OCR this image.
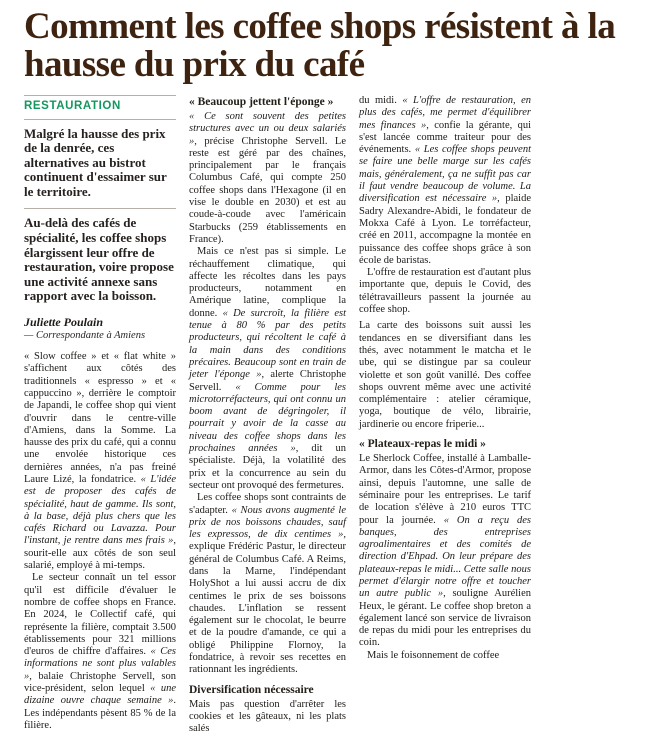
Comment les coffee shops résistent à la hausse du prix du café
RESTAURATION

Malgré la hausse des prix de la denrée, ces alternatives au bistrot continuent d'essaimer sur le territoire.

Au-delà des cafés de spécialité, les coffee shops élargissent leur offre de restauration, voire propose une activité annexe sans rapport avec la boisson.

Juliette Poulain
— Correspondante à Amiens

« Slow coffee » et « flat white » s'affichent aux côtés des traditionnels « espresso » et « cappuccino », derrière le comptoir de Japandi, le coffee shop qui vient d'ouvrir dans le centre-ville d'Amiens, dans la Somme. La hausse des prix du café, qui a connu une envolée historique ces dernières années, n'a pas freiné Laure Lizé, la fondatrice. « L'idée est de proposer des cafés de spécialité, haut de gamme. Ils sont, à la base, déjà plus chers que les cafés Richard ou Lavazza. Pour l'instant, je rentre dans mes frais », sourit-elle aux côtés de son seul salarié, employé à mi-temps.

Le secteur connaît un tel essor qu'il est difficile d'évaluer le nombre de coffee shops en France. En 2024, le Collectif café, qui représente la filière, comptait 3.500 établissements pour 321 millions d'euros de chiffre d'affaires. « Ces informations ne sont plus valables », balaie Christophe Servell, son vice-président, selon lequel « une dizaine ouvre chaque semaine ». Les indépendants pèsent 85 % de la filière.

« Beaucoup jettent l'éponge »

« Ce sont souvent des petites structures avec un ou deux salariés », précise Christophe Servell. Le reste est géré par des chaînes, principalement par le français Columbus Café, qui compte 250 coffee shops dans l'Hexagone (il en vise le double en 2030) et est au coude-à-coude avec l'américain Starbucks (259 établissements en France).

Mais ce n'est pas si simple. Le réchauffement climatique, qui affecte les récoltes dans les pays producteurs, notamment en Amérique latine, complique la donne. « De surcroît, la filière est tenue à 80 % par des petits producteurs, qui récoltent le café à la main dans des conditions précaires. Beaucoup sont en train de jeter l'éponge », alerte Christophe Servell. « Comme pour les microtorréfacteurs, qui ont connu un boom avant de dégringoler, il pourrait y avoir de la casse au niveau des coffee shops dans les prochaines années », dit un spécialiste. Déjà, la volatilité des prix et la concurrence au sein du secteur ont provoqué des fermetures.

Les coffee shops sont contraints de s'adapter. « Nous avons augmenté le prix de nos boissons chaudes, sauf les expressos, de dix centimes », explique Frédéric Pastur, le directeur général de Columbus Café. A Reims, dans la Marne, l'indépendant HolyShot a lui aussi accru de dix centimes le prix de ses boissons chaudes. L'inflation se ressent également sur le chocolat, le beurre et de la poudre d'amande, ce qui a obligé Philippine Flornoy, la fondatrice, à revoir ses recettes en rationnant les ingrédients.

Diversification nécessaire

Mais pas question d'arrêter les cookies et les gâteaux, ni les plats salés

du midi. « L'offre de restauration, en plus des cafés, me permet d'équilibrer mes finances », confie la gérante, qui s'est lancée comme traiteur pour des événements. « Les coffee shops peuvent se faire une belle marge sur les cafés mais, généralement, ça ne suffit pas car il faut vendre beaucoup de volume. La diversification est nécessaire », plaide Sadry Alexandre-Abidi, le fondateur de Mokxa Café à Lyon. Le torréfacteur, créé en 2011, accompagne la montée en puissance des coffee shops grâce à son école de baristas.

L'offre de restauration est d'autant plus importante que, depuis le Covid, des télétravailleurs passent la journée au coffee shop.

La carte des boissons suit aussi les tendances en se diversifiant dans les thés, avec notamment le matcha et le ube, qui se distingue par sa couleur violette et son goût vanillé. Des coffee shops ouvrent même avec une activité complémentaire : atelier céramique, yoga, boutique de vélo, librairie, jardinerie ou encore friperie...

« Plateaux-repas le midi »

Le Sherlock Coffee, installé à Lamballe-Armor, dans les Côtes-d'Armor, propose ainsi, depuis l'automne, une salle de séminaire pour les entreprises. Le tarif de location s'élève à 210 euros TTC pour la journée. « On a reçu des banques, des entreprises agroalimentaires et des comités de direction d'Ehpad. On leur prépare des plateaux-repas le midi... Cette salle nous permet d'élargir notre offre et toucher un autre public », souligne Aurélien Heux, le gérant. Le coffee shop breton a également lancé son service de livraison de repas du midi pour les entreprises du coin.

Mais le foisonnement de coffee
